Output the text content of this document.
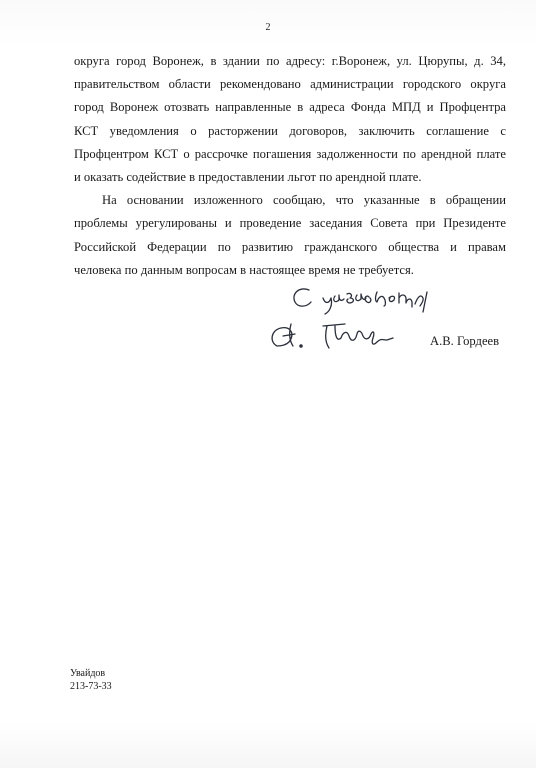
2

округа город Воронеж, в здании по адресу: г.Воронеж, ул. Цюрупы, д. 34,

правительством области рекомендовано администрации городского округа

город Воронеж отозвать направленные в адреса Фонда МПД и Профцентра

КСТ уведомления о расторжении договоров, заключить соглашение с

Профцентром КСТ о рассрочке погашения задолженности по арендной плате

и оказать содействие в предоставлении льгот по арендной плате.

На основании изложенного сообщаю, что указанные в обращении

проблемы урегулированы и проведение заседания Совета при Президенте

Российской Федерации по развитию гражданского общества и правам

человека по данным вопросам в настоящее время не требуется.

А.В. Гордеев
Увайдов
213-73-33
